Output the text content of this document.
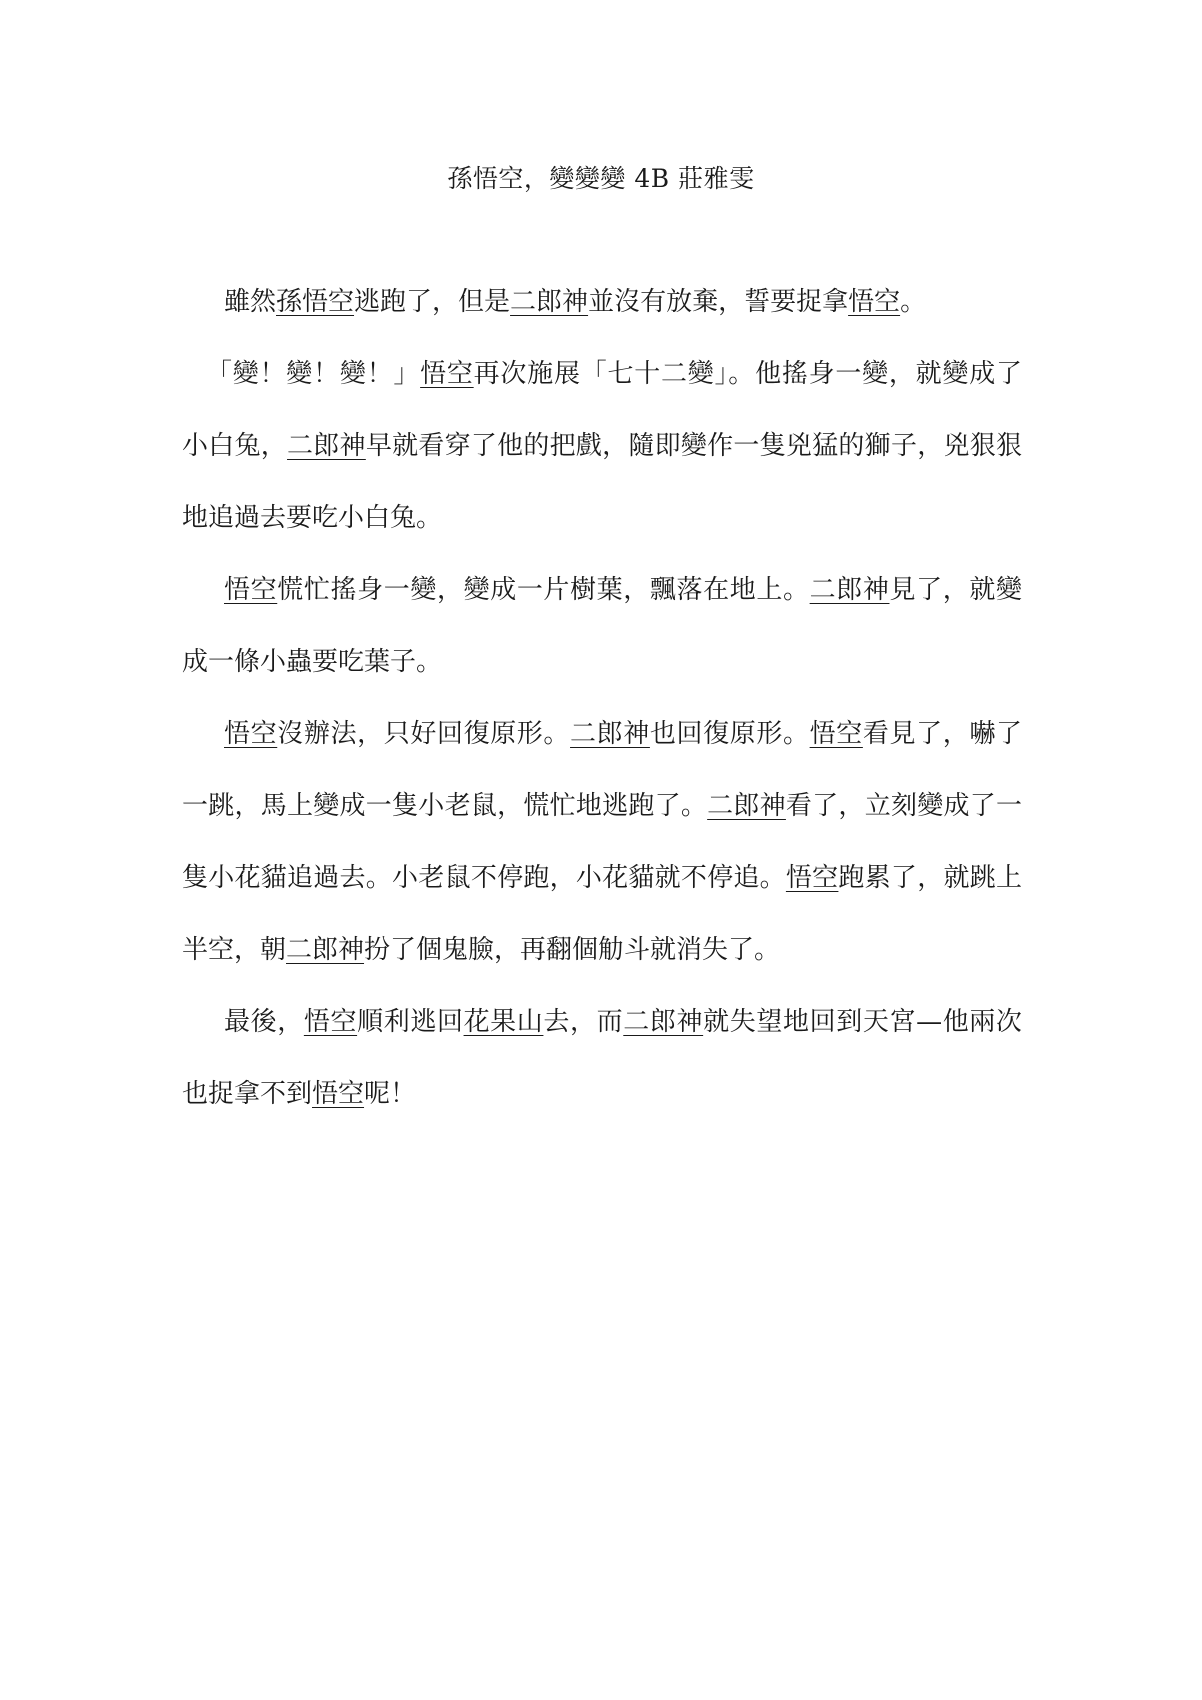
孫悟空，變變變 4B 莊雅雯

雖然孫悟空逃跑了，但是二郎神並沒有放棄，誓要捉拿悟空。

「變！變！變！」悟空再次施展「七十二變」。他搖身一變，就變成了小白兔，二郎神早就看穿了他的把戲，隨即變作一隻兇猛的獅子，兇狠狠地追過去要吃小白兔。

悟空慌忙搖身一變，變成一片樹葉，飄落在地上。二郎神見了，就變成一條小蟲要吃葉子。

悟空沒辦法，只好回復原形。二郎神也回復原形。悟空看見了，嚇了一跳，馬上變成一隻小老鼠，慌忙地逃跑了。二郎神看了，立刻變成了一隻小花貓追過去。小老鼠不停跑，小花貓就不停追。悟空跑累了，就跳上半空，朝二郎神扮了個鬼臉，再翻個觔斗就消失了。

最後，悟空順利逃回花果山去，而二郎神就失望地回到天宮—他兩次也捉拿不到悟空呢！
